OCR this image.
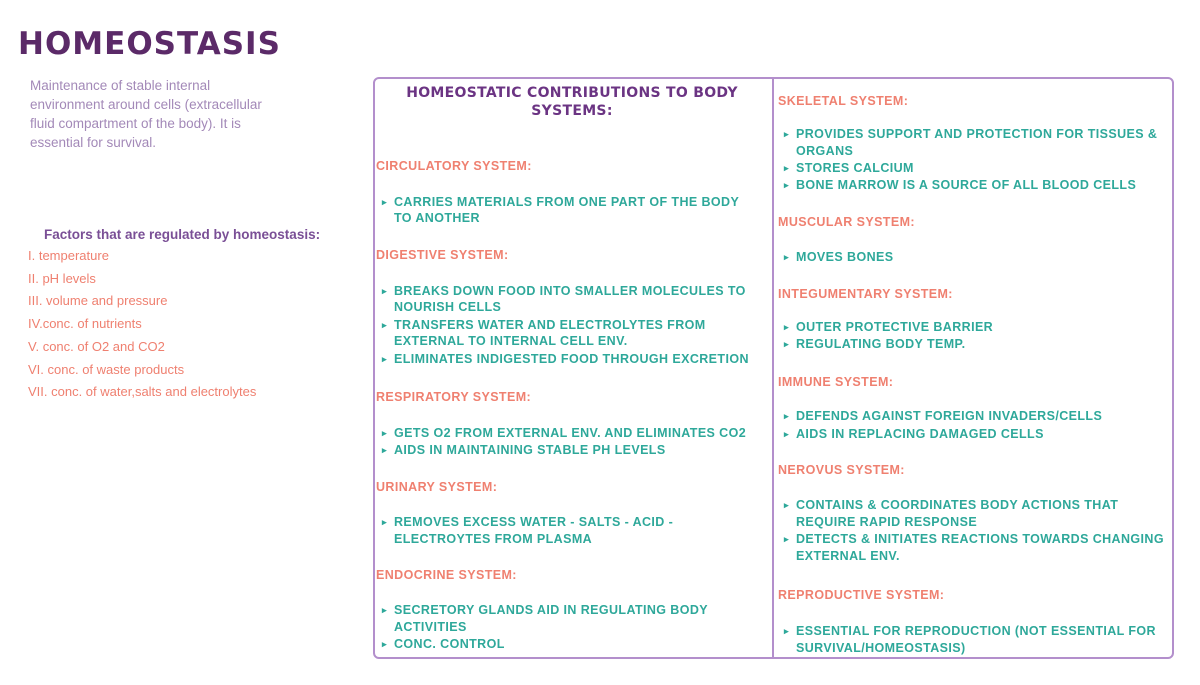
HOMEOSTASIS
Maintenance of stable internal
environment around cells (extracellular
fluid compartment of the body). It is
essential for survival.
Factors that are regulated by homeostasis:
I. temperature
II. pH levels
III. volume and pressure
IV.conc. of nutrients
V. conc. of O2 and CO2
VI. conc. of waste products
VII. conc. of water,salts and electrolytes
HOMEOSTATIC CONTRIBUTIONS TO BODY
SYSTEMS:
CIRCULATORY SYSTEM:
▸ CARRIES MATERIALS FROM ONE PART OF THE BODY
TO ANOTHER
DIGESTIVE SYSTEM:
▸ BREAKS DOWN FOOD INTO SMALLER MOLECULES TO
NOURISH CELLS
▸ TRANSFERS WATER AND ELECTROLYTES FROM
EXTERNAL TO INTERNAL CELL ENV.
▸ ELIMINATES INDIGESTED FOOD THROUGH EXCRETION
RESPIRATORY SYSTEM:
▸ GETS O2 FROM EXTERNAL ENV. AND ELIMINATES CO2
▸ AIDS IN MAINTAINING STABLE PH LEVELS
URINARY SYSTEM:
▸ REMOVES EXCESS WATER - SALTS - ACID -
ELECTROYTES FROM PLASMA
ENDOCRINE SYSTEM:
▸ SECRETORY GLANDS AID IN REGULATING BODY
ACTIVITIES
▸ CONC. CONTROL
SKELETAL SYSTEM:
▸ PROVIDES SUPPORT AND PROTECTION FOR TISSUES &
ORGANS
▸ STORES CALCIUM
▸ BONE MARROW IS A SOURCE OF ALL BLOOD CELLS
MUSCULAR SYSTEM:
▸ MOVES BONES
INTEGUMENTARY SYSTEM:
▸ OUTER PROTECTIVE BARRIER
▸ REGULATING BODY TEMP.
IMMUNE SYSTEM:
▸ DEFENDS AGAINST FOREIGN INVADERS/CELLS
▸ AIDS IN REPLACING DAMAGED CELLS
NEROVUS SYSTEM:
▸ CONTAINS & COORDINATES BODY ACTIONS THAT
REQUIRE RAPID RESPONSE
▸ DETECTS & INITIATES REACTIONS TOWARDS CHANGING
EXTERNAL ENV.
REPRODUCTIVE SYSTEM:
▸ ESSENTIAL FOR REPRODUCTION (NOT ESSENTIAL FOR
SURVIVAL/HOMEOSTASIS)
